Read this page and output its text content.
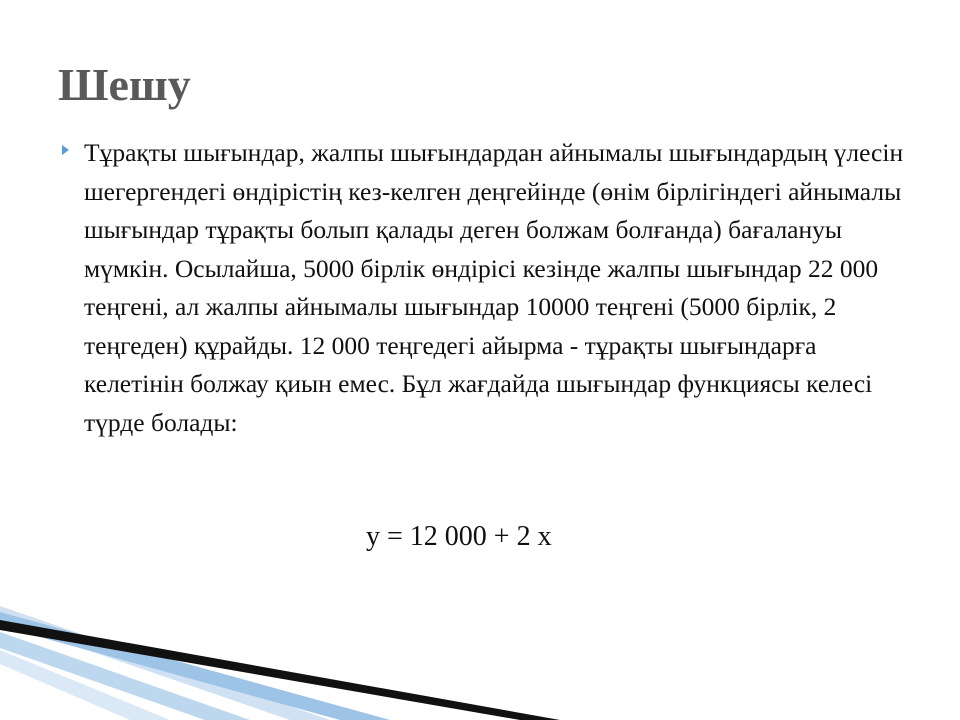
Шешу

Тұрақты шығындар, жалпы шығындардан айнымалы шығындардың үлесін шегергендегі өндірістің кез-келген деңгейінде (өнім бірлігіндегі айнымалы шығындар тұрақты болып қалады деген болжам болғанда) бағалануы мүмкін. Осылайша, 5000 бірлік өндірісі кезінде жалпы шығындар 22 000 теңгені, ал жалпы айнымалы шығындар 10000 теңгені (5000 бірлік, 2 теңгеден) құрайды. 12 000 теңгедегі айырма - тұрақты шығындарға келетінін болжау қиын емес. Бұл жағдайда шығындар функциясы келесі түрде болады:

y = 12 000 + 2 x
